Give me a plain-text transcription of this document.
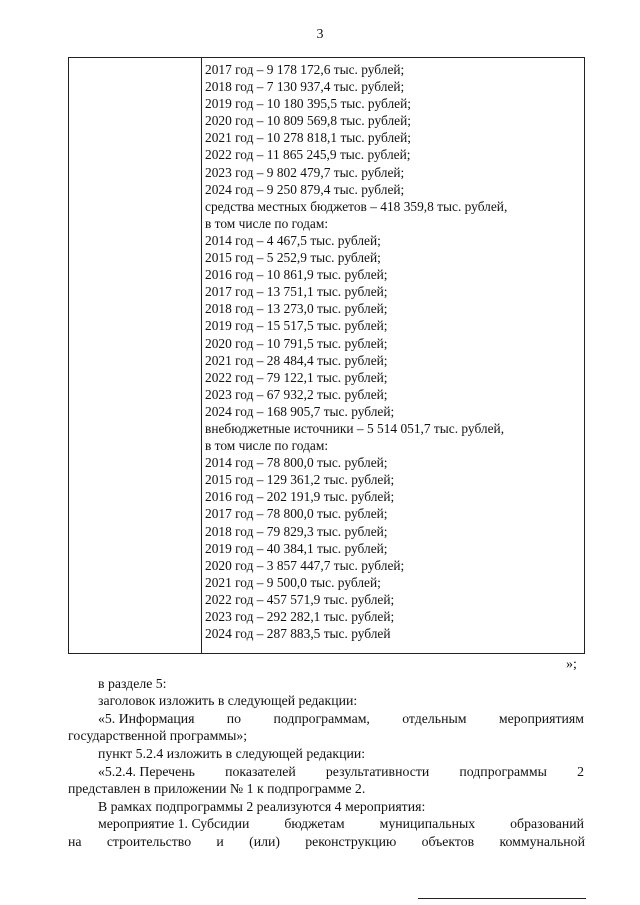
3
2017 год – 9 178 172,6 тыс. рублей;
2018 год – 7 130 937,4 тыс. рублей;
2019 год – 10 180 395,5 тыс. рублей;
2020 год – 10 809 569,8 тыс. рублей;
2021 год – 10 278 818,1 тыс. рублей;
2022 год – 11 865 245,9 тыс. рублей;
2023 год – 9 802 479,7 тыс. рублей;
2024 год – 9 250 879,4 тыс. рублей;
средства местных бюджетов – 418 359,8 тыс. рублей,
в том числе по годам:
2014 год – 4 467,5 тыс. рублей;
2015 год – 5 252,9 тыс. рублей;
2016 год – 10 861,9 тыс. рублей;
2017 год – 13 751,1 тыс. рублей;
2018 год – 13 273,0 тыс. рублей;
2019 год – 15 517,5 тыс. рублей;
2020 год – 10 791,5 тыс. рублей;
2021 год – 28 484,4 тыс. рублей;
2022 год – 79 122,1 тыс. рублей;
2023 год – 67 932,2 тыс. рублей;
2024 год – 168 905,7 тыс. рублей;
внебюджетные источники – 5 514 051,7 тыс. рублей,
в том числе по годам:
2014 год – 78 800,0 тыс. рублей;
2015 год – 129 361,2 тыс. рублей;
2016 год – 202 191,9 тыс. рублей;
2017 год – 78 800,0 тыс. рублей;
2018 год – 79 829,3 тыс. рублей;
2019 год – 40 384,1 тыс. рублей;
2020 год – 3 857 447,7 тыс. рублей;
2021 год – 9 500,0 тыс. рублей;
2022 год – 457 571,9 тыс. рублей;
2023 год – 292 282,1 тыс. рублей;
2024 год – 287 883,5 тыс. рублей
»;
в разделе 5:
заголовок изложить в следующей редакции:
«5. Информация по подпрограммам, отдельным мероприятиям
государственной программы»;
пункт 5.2.4 изложить в следующей редакции:
«5.2.4. Перечень показателей результативности подпрограммы 2
представлен в приложении № 1 к подпрограмме 2.
В рамках подпрограммы 2 реализуются 4 мероприятия:
мероприятие 1. Субсидии	бюджетам	муниципальных	образований
на строительство и (или) реконструкцию объектов коммунальной
